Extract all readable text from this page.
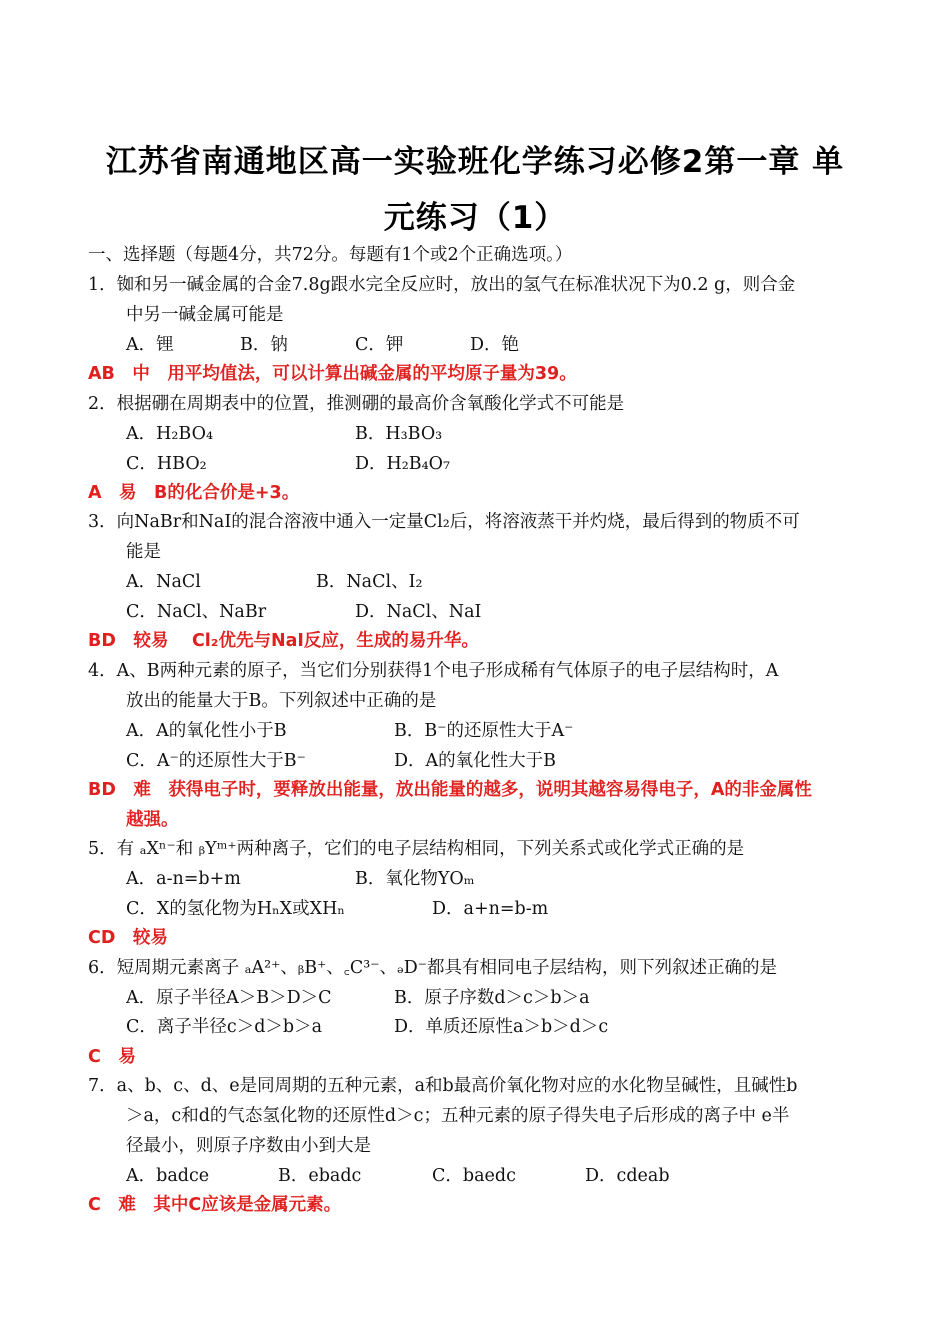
江苏省南通地区高一实验班化学练习必修2第一章 单
元练习（1）

一、选择题（每题4分，共72分。每题有1个或2个正确选项。）

1．铷和另一碱金属的合金7.8g跟水完全反应时，放出的氢气在标准状况下为0.2 g，则合金

中另一碱金属可能是

A．锂	B．钠	C．钾	D．铯

AB　中　用平均值法，可以计算出碱金属的平均原子量为39。

2．根据硼在周期表中的位置，推测硼的最高价含氧酸化学式不可能是

A．H₂BO₄	B．H₃BO₃
C．HBO₂	D．H₂B₄O₇

A　易　B的化合价是+3。

3．向NaBr和NaI的混合溶液中通入一定量Cl₂后，将溶液蒸干并灼烧，最后得到的物质不可

能是

A．NaCl	B．NaCl、I₂
C．NaCl、NaBr	D．NaCl、NaI

BD　较易　 Cl₂优先与NaI反应，生成的易升华。

4．A、B两种元素的原子，当它们分别获得1个电子形成稀有气体原子的电子层结构时，A

放出的能量大于B。下列叙述中正确的是

A．A的氧化性小于B	B．B⁻的还原性大于A⁻
C．A⁻的还原性大于B⁻	D．A的氧化性大于B

BD　难　获得电子时，要释放出能量，放出能量的越多，说明其越容易得电子，A的非金属性

越强。

5．有 ₐXⁿ⁻和 ᵦYᵐ⁺两种离子，它们的电子层结构相同，下列关系式或化学式正确的是

A．a-n=b+m	B．氧化物YOₘ
C．X的氢化物为HₙX或XHₙ	D．a+n=b-m

CD　较易

6．短周期元素离子 ₐA²⁺、ᵦB⁺、꜀C³⁻、ₔD⁻都具有相同电子层结构，则下列叙述正确的是

A．原子半径A＞B＞D＞C	B．原子序数d＞c＞b＞a
C．离子半径c＞d＞b＞a	D．单质还原性a＞b＞d＞c

C　易

7．a、b、c、d、e是同周期的五种元素，a和b最高价氧化物对应的水化物呈碱性，且碱性b

＞a，c和d的气态氢化物的还原性d＞c；五种元素的原子得失电子后形成的离子中 e半

径最小，则原子序数由小到大是

A．badce	B．ebadc	C．baedc	D．cdeab

C　难　其中C应该是金属元素。
